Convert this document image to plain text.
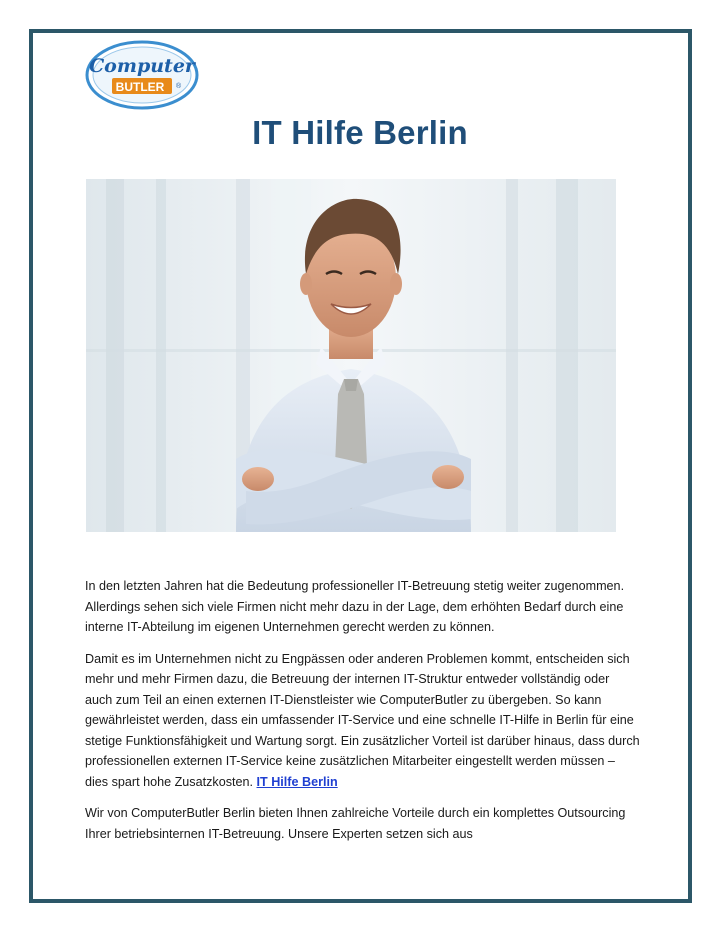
Computer
BUTLER ®
IT Hilfe Berlin

In den letzten Jahren hat die Bedeutung professioneller IT-Betreuung stetig weiter zugenommen. Allerdings sehen sich viele Firmen nicht mehr dazu in der Lage, dem erhöhten Bedarf durch eine interne IT-Abteilung im eigenen Unternehmen gerecht werden zu können.

Damit es im Unternehmen nicht zu Engpässen oder anderen Problemen kommt, entscheiden sich mehr und mehr Firmen dazu, die Betreuung der internen IT-Struktur entweder vollständig oder auch zum Teil an einen externen IT-Dienstleister wie ComputerButler zu übergeben. So kann gewährleistet werden, dass ein umfassender IT-Service und eine schnelle IT-Hilfe in Berlin für eine stetige Funktionsfähigkeit und Wartung sorgt. Ein zusätzlicher Vorteil ist darüber hinaus, dass durch professionellen externen IT-Service keine zusätzlichen Mitarbeiter eingestellt werden müssen – dies spart hohe Zusatzkosten. IT Hilfe Berlin

Wir von ComputerButler Berlin bieten Ihnen zahlreiche Vorteile durch ein komplettes Outsourcing Ihrer betriebsinternen IT-Betreuung. Unsere Experten setzen sich aus
